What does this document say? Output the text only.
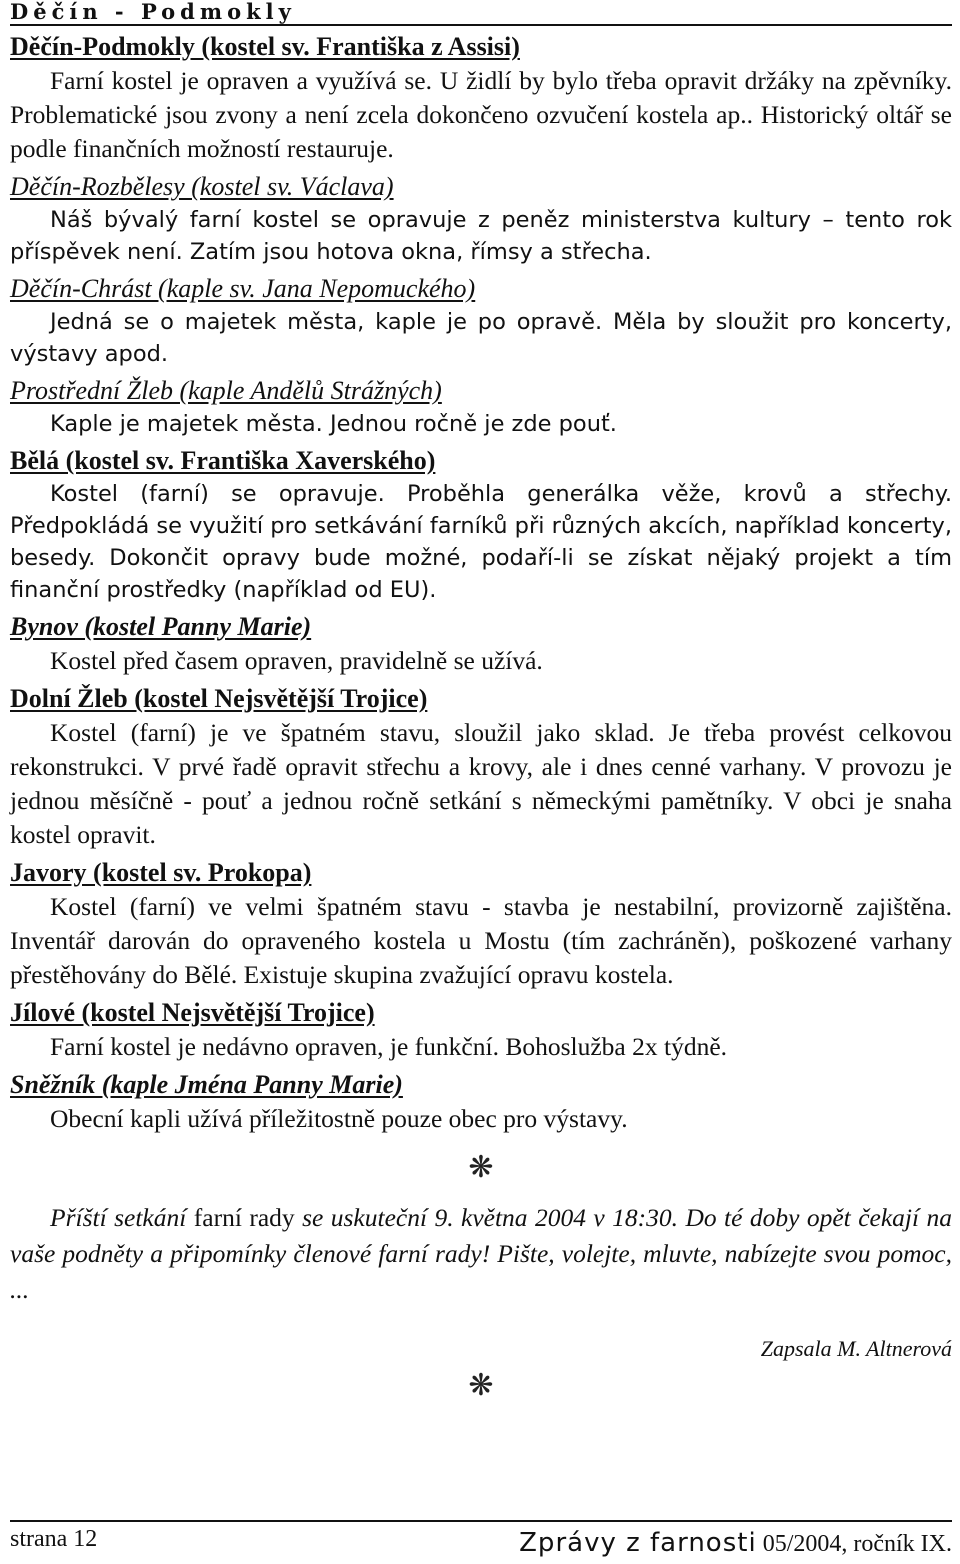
Děčín - Podmokly
Děčín-Podmokly (kostel sv. Františka z Assisi)

Farní kostel je opraven a využívá se. U židlí by bylo třeba opravit držáky na zpěvníky. Problematické jsou zvony a není zcela dokončeno ozvučení kostela ap.. Historický oltář se podle finančních možností restauruje.

Děčín-Rozbělesy (kostel sv. Václava)

Náš bývalý farní kostel se opravuje z peněz ministerstva kultury – tento rok příspěvek není. Zatím jsou hotova okna, římsy a střecha.

Děčín-Chrást (kaple sv. Jana Nepomuckého)

Jedná se o majetek města, kaple je po opravě. Měla by sloužit pro koncerty, výstavy apod.

Prostřední Žleb (kaple Andělů Strážných)

Kaple je majetek města. Jednou ročně je zde pouť.

Bělá (kostel sv. Františka Xaverského)

Kostel (farní) se opravuje. Proběhla generálka věže, krovů a střechy. Předpokládá se využití pro setkávání farníků při různých akcích, například koncerty, besedy. Dokončit opravy bude možné, podaří-li se získat nějaký projekt a tím finanční prostředky (například od EU).

Bynov (kostel Panny Marie)

Kostel před časem opraven, pravidelně se užívá.

Dolní Žleb (kostel Nejsvětější Trojice)

Kostel (farní) je ve špatném stavu, sloužil jako sklad. Je třeba provést celkovou rekonstrukci. V prvé řadě opravit střechu a krovy, ale i dnes cenné varhany. V provozu je jednou měsíčně - pouť a jednou ročně setkání s německými pamětníky. V obci je snaha kostel opravit.

Javory (kostel sv. Prokopa)

Kostel (farní) ve velmi špatném stavu - stavba je nestabilní, provizorně zajištěna. Inventář darován do opraveného kostela u Mostu (tím zachráněn), poškozené varhany přestěhovány do Bělé. Existuje skupina zvažující opravu kostela.

Jílové (kostel Nejsvětější Trojice)

Farní kostel je nedávno opraven, je funkční. Bohoslužba 2x týdně.

Sněžník (kaple Jména Panny Marie)

Obecní kapli užívá příležitostně pouze obec pro výstavy.

❋

Příští setkání farní rady se uskuteční 9. května 2004 v 18:30. Do té doby opět čekají na vaše podněty a připomínky členové farní rady! Pište, volejte, mluvte, nabízejte svou pomoc, ...

Zapsala M. Altnerová
❋
strana 12	Zprávy z farnosti 05/2004, ročník IX.
